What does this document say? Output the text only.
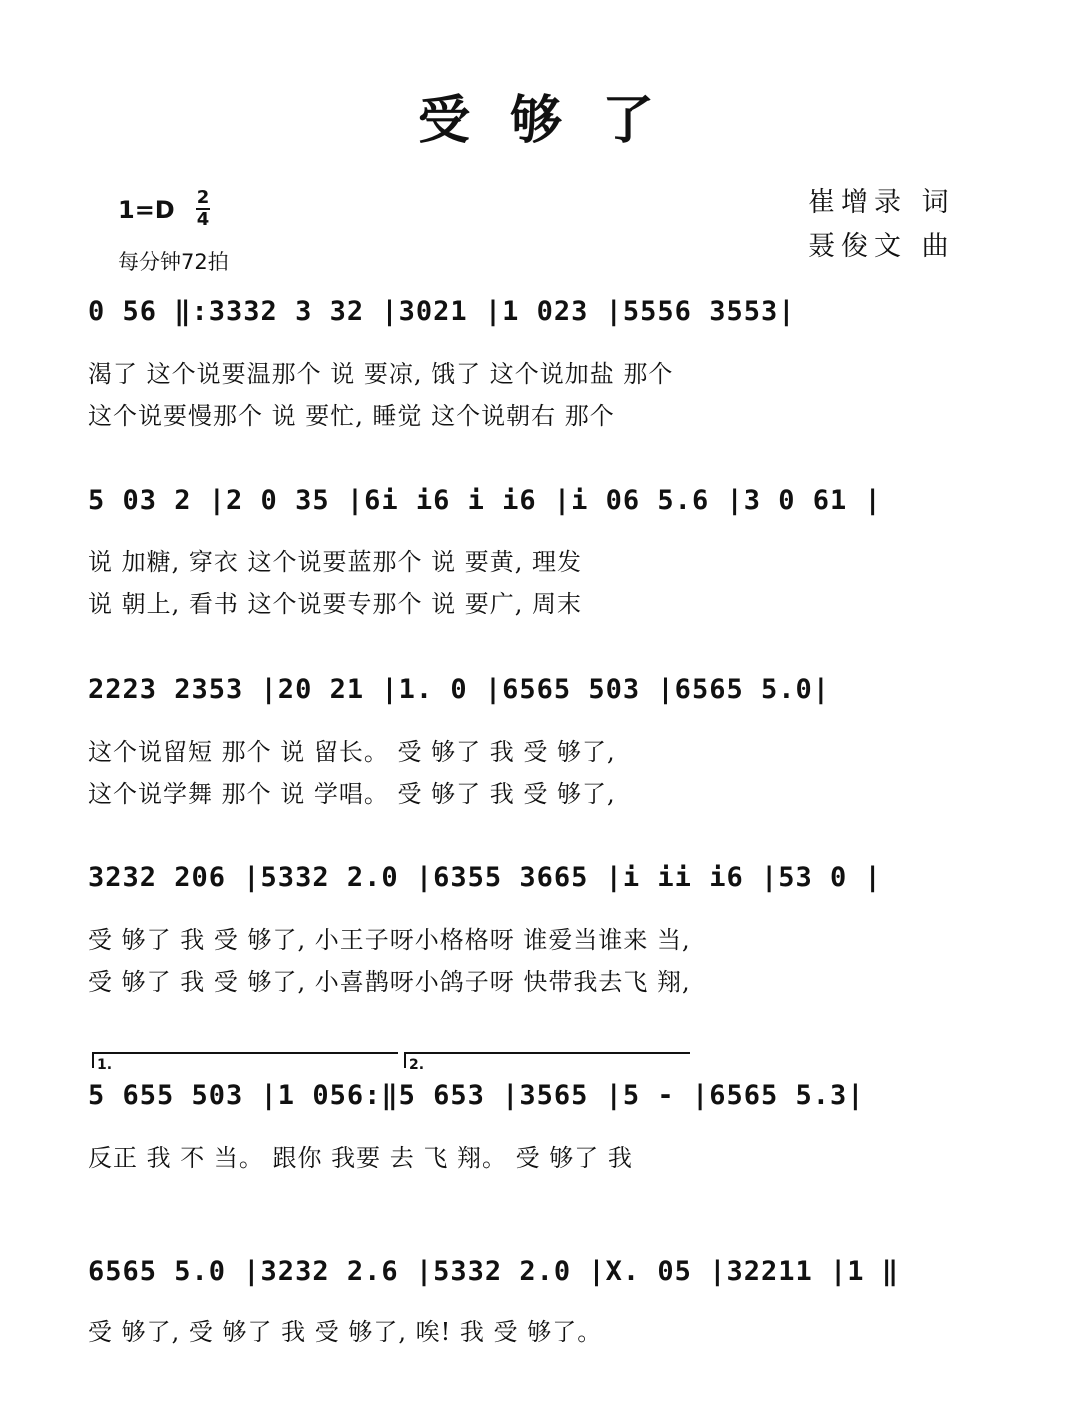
受够了
1=D 2
4
每分钟72拍
崔增录 词
聂俊文 曲
0 56 ‖:3332 3 32 |3021 |1 023 |5556 3553|
渴了 这个说要温那个 说 要凉, 饿了 这个说加盐 那个
这个说要慢那个 说 要忙, 睡觉 这个说朝右 那个
5 03 2 |2 0 35 |6i i6 i i6 |i 06 5.6 |3 0 61 |
说 加糖, 穿衣 这个说要蓝那个 说 要黄, 理发
说 朝上, 看书 这个说要专那个 说 要广, 周末
2223 2353 |20 21 |1. 0 |6565 503 |6565 5.0|
这个说留短 那个 说 留长。 受 够了 我 受 够了,
这个说学舞 那个 说 学唱。 受 够了 我 受 够了,
3232 206 |5332 2.0 |6355 3665 |i ii i6 |53 0 |
受 够了 我 受 够了, 小王子呀小格格呀 谁爱当谁来 当,
受 够了 我 受 够了, 小喜鹊呀小鸽子呀 快带我去飞 翔,
1.	2.
5 655 503 |1 056:‖5 653 |3565 |5 - |6565 5.3|
反正 我 不 当。 跟你 我要 去 飞 翔。 受 够了 我
6565 5.0 |3232 2.6 |5332 2.0 |X. 05 |32211 |1 ‖
受 够了, 受 够了 我 受 够了, 唉! 我 受 够了。
